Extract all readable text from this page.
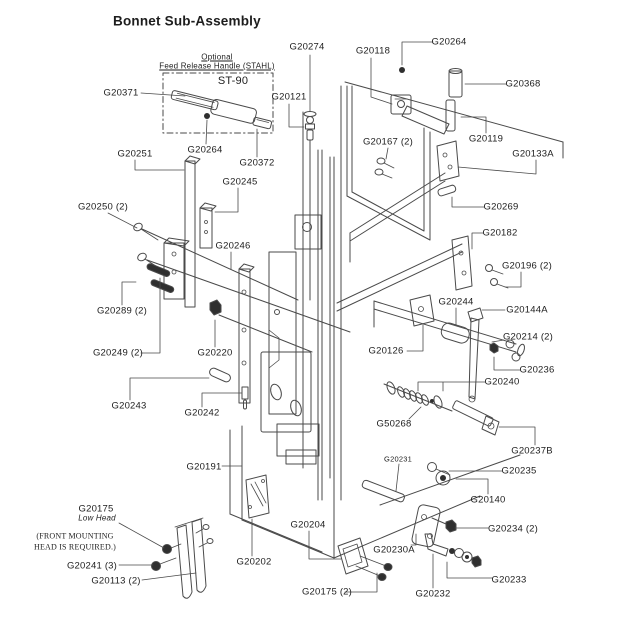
Bonnet Sub-Assembly
Optional
Feed Release Handle (STAHL)
ST-90
G20371
G20274
G20121
G20118
G20264
G20368
G20119
G20167 (2)
G20133A
G20251	G20264
G20372
G20245
G20250 (2)
G20246
G20269
G20182
G20196 (2)
G20289 (2)
G20249 (2)	G20220
G20244
G20144A
G20214 (2)
G20126
G20236
G20240
G50268
G20243
G20242
G20237B
G20191
G20231
G20235
G20140
G20234 (2)
G20230A
G20233
G20232
G20204
G20202
G20175 (2)
G20175
Low Head
(FRONT MOUNTING
HEAD IS REQUIRED.)
G20241 (3)
G20113 (2)
